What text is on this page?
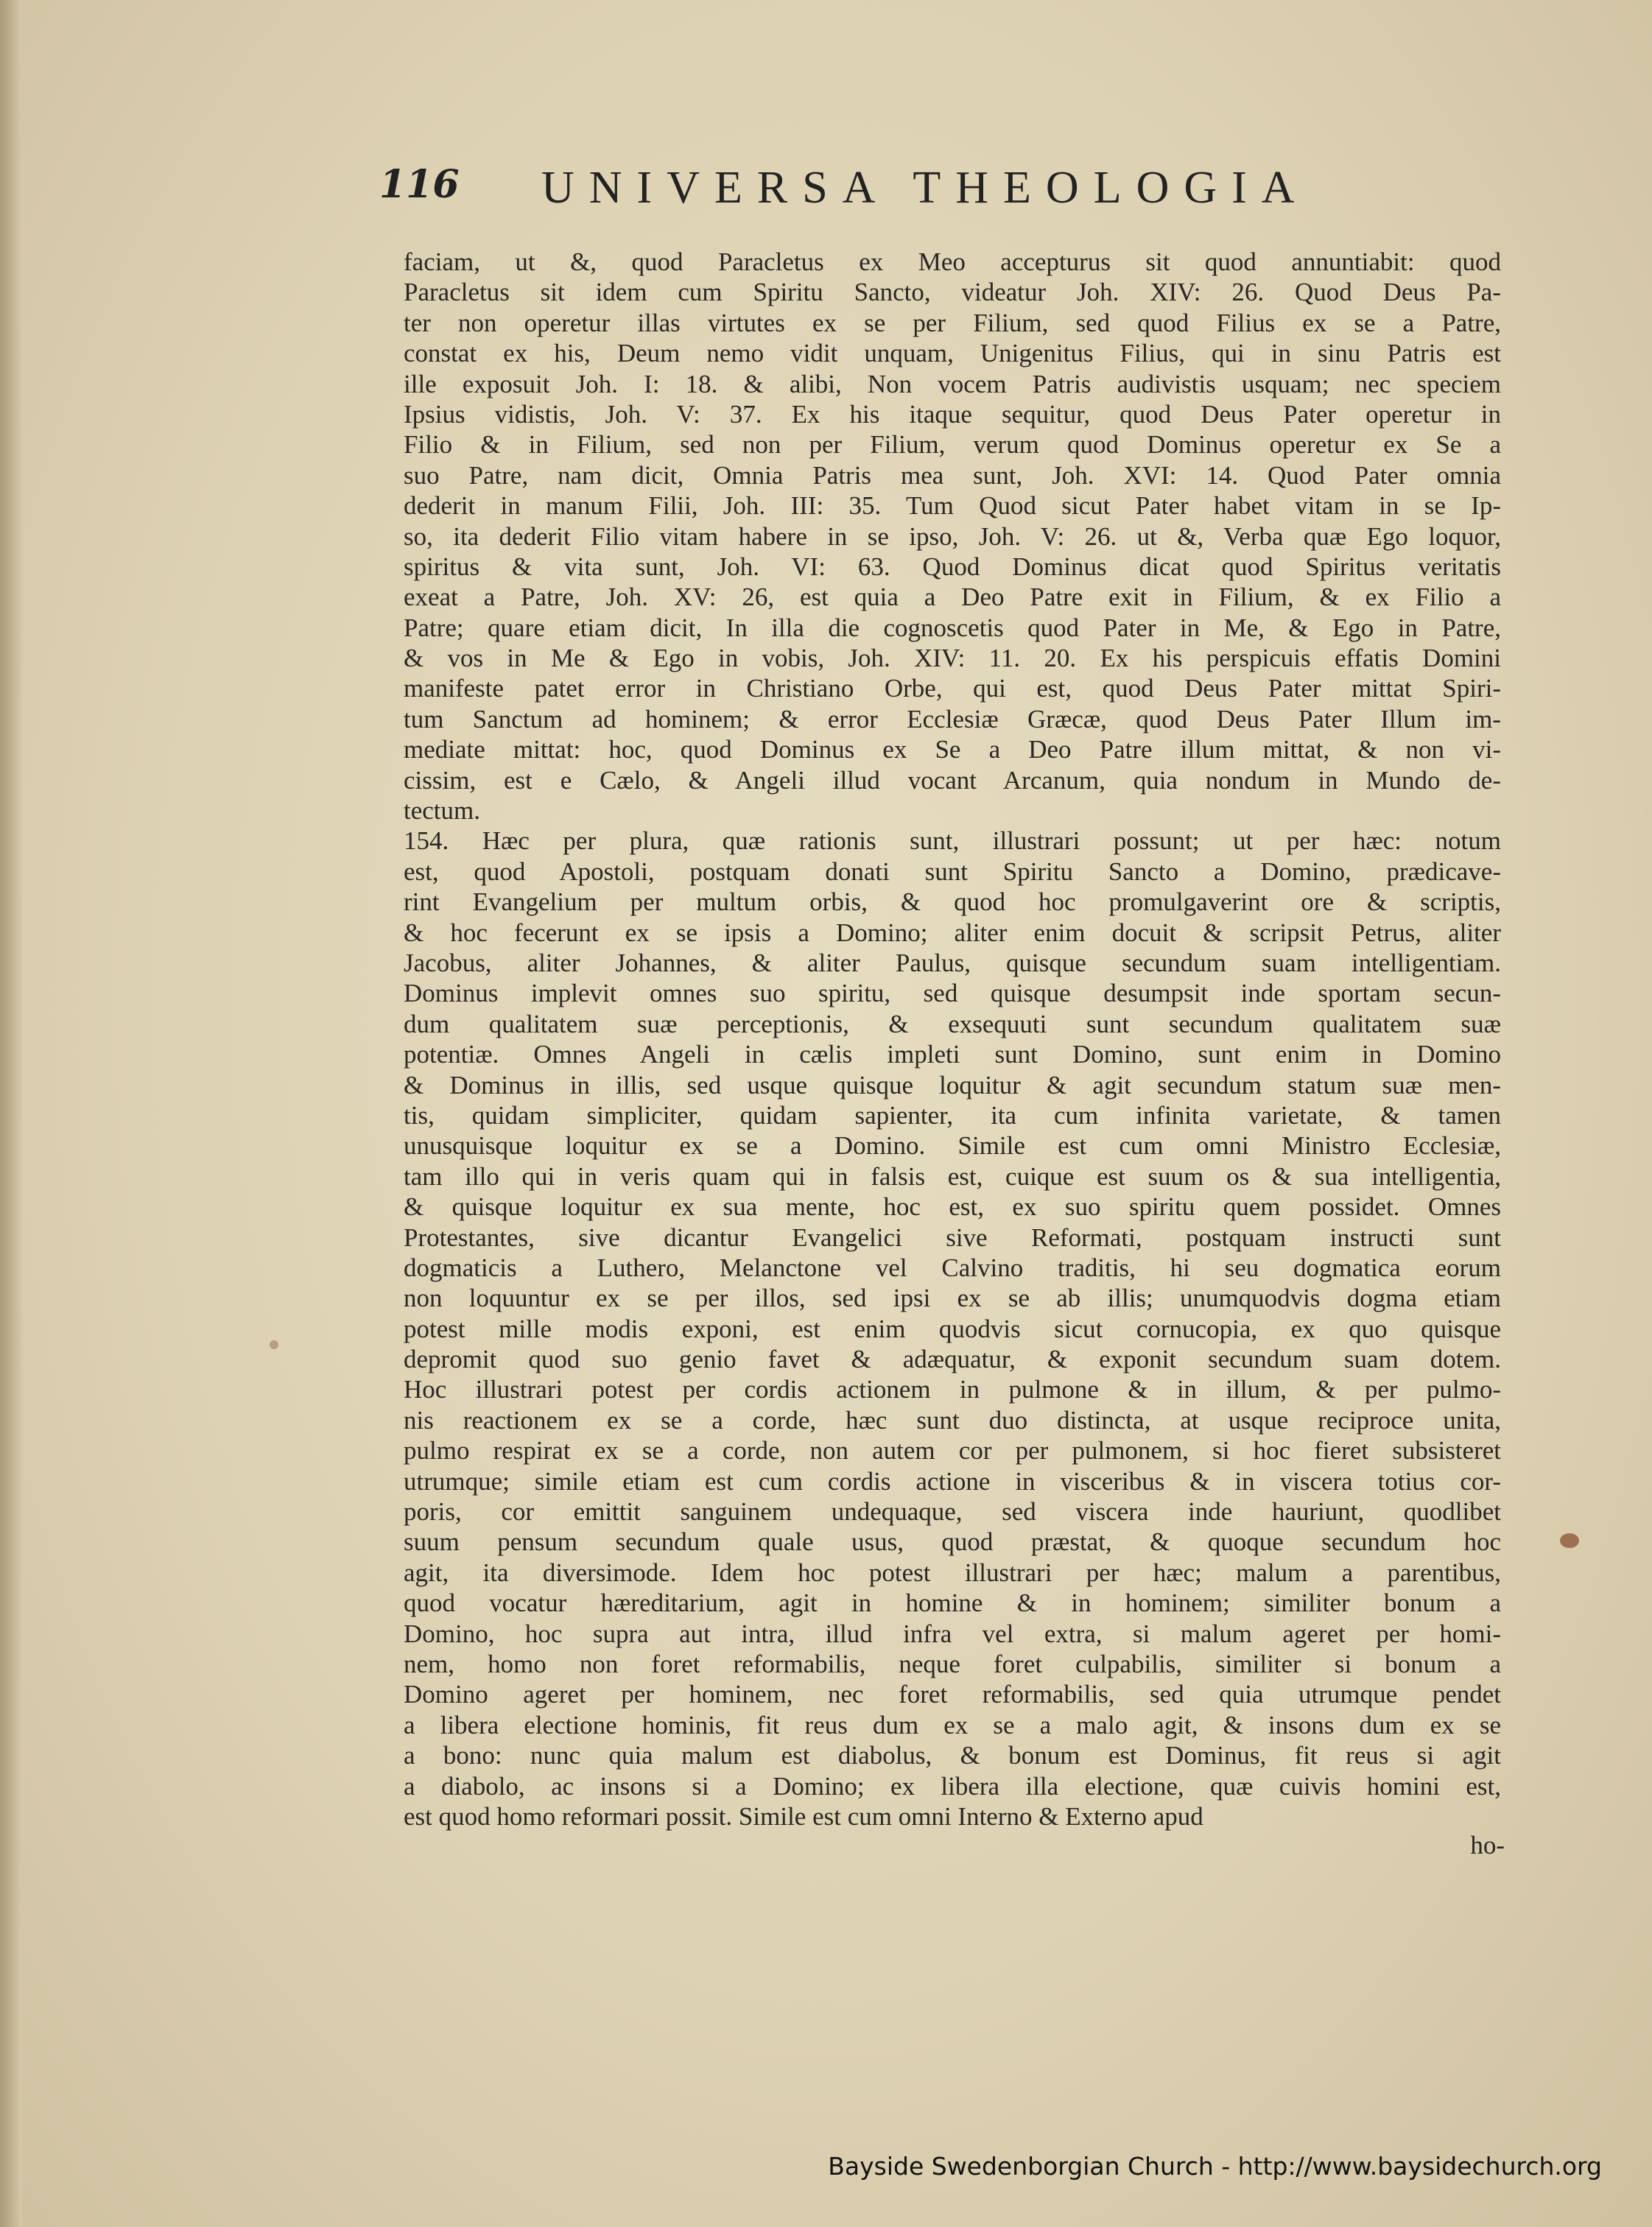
116 UNIVERSA THEOLOGIA

faciam, ut &, quod Paracletus ex Meo accepturus sit quod annuntiabit: quod
Paracletus sit idem cum Spiritu Sancto, videatur Joh. XIV: 26. Quod Deus Pa-
ter non operetur illas virtutes ex se per Filium, sed quod Filius ex se a Patre,
constat ex his, Deum nemo vidit unquam, Unigenitus Filius, qui in sinu Patris est
ille exposuit Joh. I: 18. & alibi, Non vocem Patris audivistis usquam; nec speciem
Ipsius vidistis, Joh. V: 37. Ex his itaque sequitur, quod Deus Pater operetur in
Filio & in Filium, sed non per Filium, verum quod Dominus operetur ex Se a
suo Patre, nam dicit, Omnia Patris mea sunt, Joh. XVI: 14. Quod Pater omnia
dederit in manum Filii, Joh. III: 35. Tum Quod sicut Pater habet vitam in se Ip-
so, ita dederit Filio vitam habere in se ipso, Joh. V: 26. ut &, Verba quæ Ego loquor,
spiritus & vita sunt, Joh. VI: 63. Quod Dominus dicat quod Spiritus veritatis
exeat a Patre, Joh. XV: 26, est quia a Deo Patre exit in Filium, & ex Filio a
Patre; quare etiam dicit, In illa die cognoscetis quod Pater in Me, & Ego in Patre,
& vos in Me & Ego in vobis, Joh. XIV: 11. 20. Ex his perspicuis effatis Domini
manifeste patet error in Christiano Orbe, qui est, quod Deus Pater mittat Spiri-
tum Sanctum ad hominem; & error Ecclesiæ Græcæ, quod Deus Pater Illum im-
mediate mittat: hoc, quod Dominus ex Se a Deo Patre illum mittat, & non vi-
cissim, est e Cælo, & Angeli illud vocant Arcanum, quia nondum in Mundo de-
tectum.

154. Hæc per plura, quæ rationis sunt, illustrari possunt; ut per hæc: notum
est, quod Apostoli, postquam donati sunt Spiritu Sancto a Domino, prædicave-
rint Evangelium per multum orbis, & quod hoc promulgaverint ore & scriptis,
& hoc fecerunt ex se ipsis a Domino; aliter enim docuit & scripsit Petrus, aliter
Jacobus, aliter Johannes, & aliter Paulus, quisque secundum suam intelligentiam.
Dominus implevit omnes suo spiritu, sed quisque desumpsit inde sportam secun-
dum qualitatem suæ perceptionis, & exsequuti sunt secundum qualitatem suæ
potentiæ. Omnes Angeli in cælis impleti sunt Domino, sunt enim in Domino
& Dominus in illis, sed usque quisque loquitur & agit secundum statum suæ men-
tis, quidam simpliciter, quidam sapienter, ita cum infinita varietate, & tamen
unusquisque loquitur ex se a Domino. Simile est cum omni Ministro Ecclesiæ,
tam illo qui in veris quam qui in falsis est, cuique est suum os & sua intelligentia,
& quisque loquitur ex sua mente, hoc est, ex suo spiritu quem possidet. Omnes
Protestantes, sive dicantur Evangelici sive Reformati, postquam instructi sunt
dogmaticis a Luthero, Melanctone vel Calvino traditis, hi seu dogmatica eorum
non loquuntur ex se per illos, sed ipsi ex se ab illis; unumquodvis dogma etiam
potest mille modis exponi, est enim quodvis sicut cornucopia, ex quo quisque
depromit quod suo genio favet & adæquatur, & exponit secundum suam dotem.
Hoc illustrari potest per cordis actionem in pulmone & in illum, & per pulmo-
nis reactionem ex se a corde, hæc sunt duo distincta, at usque reciproce unita,
pulmo respirat ex se a corde, non autem cor per pulmonem, si hoc fieret subsisteret
utrumque; simile etiam est cum cordis actione in visceribus & in viscera totius cor-
poris, cor emittit sanguinem undequaque, sed viscera inde hauriunt, quodlibet
suum pensum secundum quale usus, quod præstat, & quoque secundum hoc
agit, ita diversimode. Idem hoc potest illustrari per hæc; malum a parentibus,
quod vocatur hæreditarium, agit in homine & in hominem; similiter bonum a
Domino, hoc supra aut intra, illud infra vel extra, si malum ageret per homi-
nem, homo non foret reformabilis, neque foret culpabilis, similiter si bonum a
Domino ageret per hominem, nec foret reformabilis, sed quia utrumque pendet
a libera electione hominis, fit reus dum ex se a malo agit, & insons dum ex se
a bono: nunc quia malum est diabolus, & bonum est Dominus, fit reus si agit
a diabolo, ac insons si a Domino; ex libera illa electione, quæ cuivis homini est,
est quod homo reformari possit. Simile est cum omni Interno & Externo apud

ho-
Bayside Swedenborgian Church - http://www.baysidechurch.org
